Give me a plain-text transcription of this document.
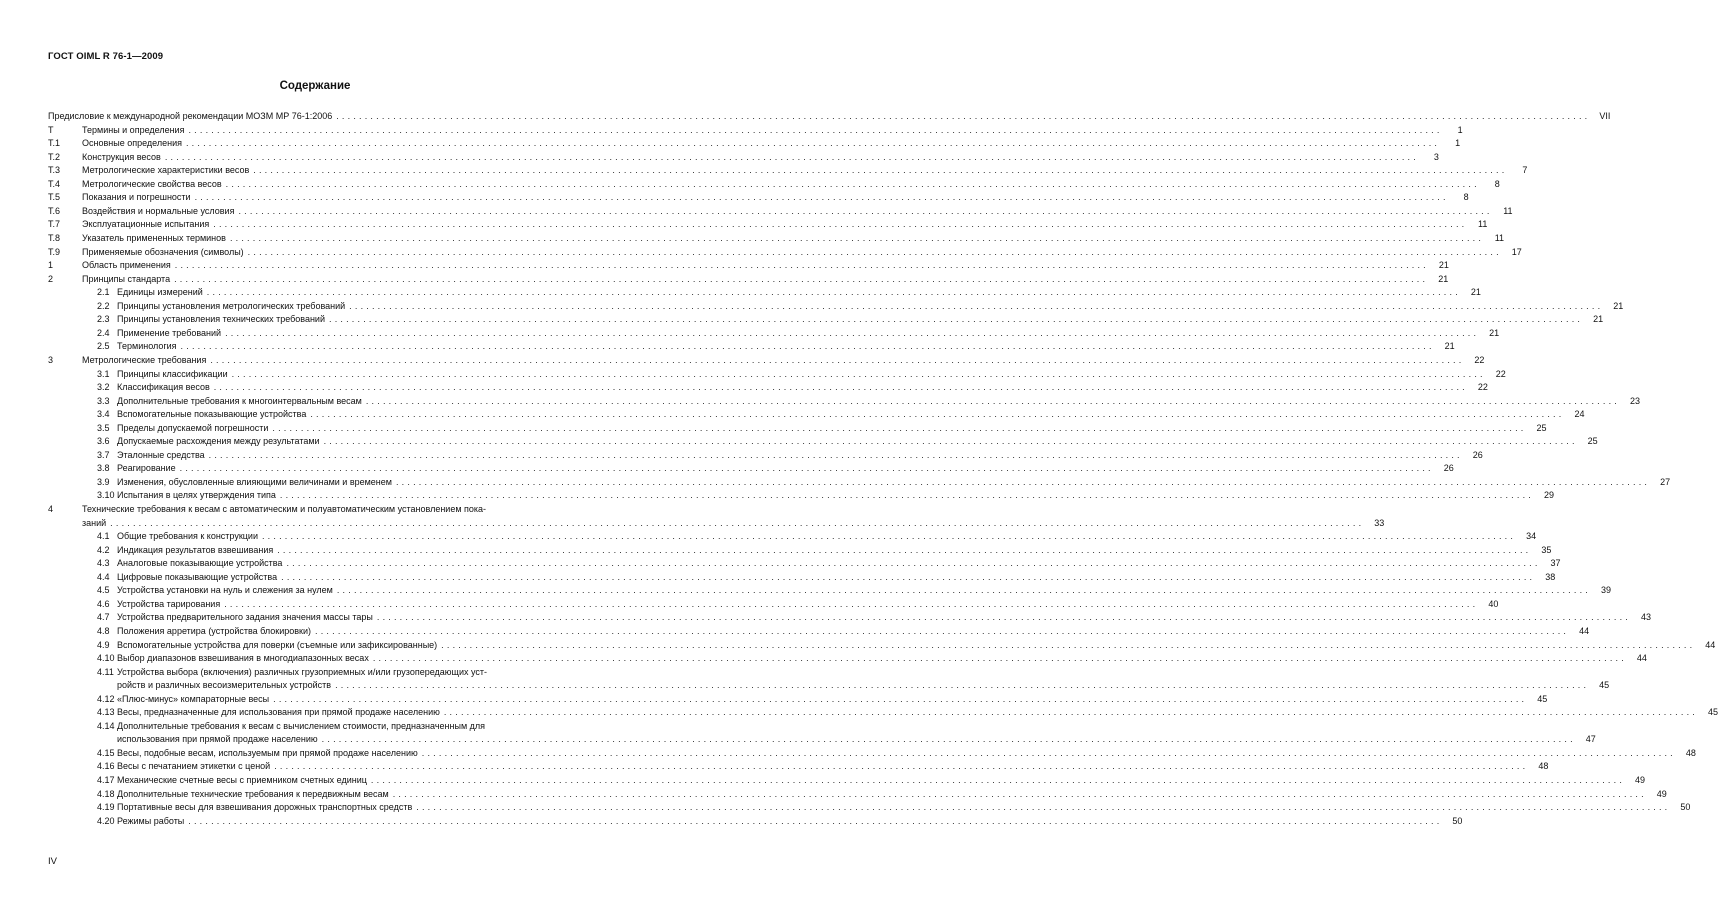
ГОСТ OIML R 76-1—2009
Содержание
Предисловие к международной рекомендации МОЗМ МР 76-1:2006 ............................................................................................................................................................................................................................ VII
T	Термины и определения ............................................................................................................................................................................................................................	1
T.1 Основные определения ............................................................................................................................................................................................................................	1
T.2 Конструкция весов ............................................................................................................................................................................................................................	3
T.3 Метрологические характеристики весов ............................................................................................................................................................................................................................	7
T.4 Метрологические свойства весов ............................................................................................................................................................................................................................	8
T.5 Показания и погрешности ............................................................................................................................................................................................................................	8
T.6 Воздействия и нормальные условия ............................................................................................................................................................................................................................	11
T.7 Эксплуатационные испытания ............................................................................................................................................................................................................................	11
T.8 Указатель примененных терминов ............................................................................................................................................................................................................................	11
T.9 Применяемые обозначения (символы) ............................................................................................................................................................................................................................	17
1	Область применения ............................................................................................................................................................................................................................	21
2	Принципы стандарта ............................................................................................................................................................................................................................	21
2.1 Единицы измерений ............................................................................................................................................................................................................................	21
2.2 Принципы установления метрологических требований ............................................................................................................................................................................................................................	21
2.3 Принципы установления технических требований ............................................................................................................................................................................................................................	21
2.4 Применение требований ............................................................................................................................................................................................................................	21
2.5 Терминология ............................................................................................................................................................................................................................	21
3	Метрологические требования ............................................................................................................................................................................................................................	22
3.1 Принципы классификации ............................................................................................................................................................................................................................	22
3.2 Классификация весов ............................................................................................................................................................................................................................	22
3.3 Дополнительные требования к многоинтервальным весам ............................................................................................................................................................................................................................	23
3.4 Вспомогательные показывающие устройства ............................................................................................................................................................................................................................	24
3.5 Пределы допускаемой погрешности ............................................................................................................................................................................................................................	25
3.6 Допускаемые расхождения между результатами ............................................................................................................................................................................................................................	25
3.7 Эталонные средства ............................................................................................................................................................................................................................	26
3.8 Реагирование ............................................................................................................................................................................................................................	26
3.9 Изменения, обусловленные влияющими величинами и временем ............................................................................................................................................................................................................................	27
3.10 Испытания в целях утверждения типа ............................................................................................................................................................................................................................	29
4	Технические требования к весам с автоматическим и полуавтоматическим установлением пока-
заний ............................................................................................................................................................................................................................	33
4.1 Общие требования к конструкции ............................................................................................................................................................................................................................	34
4.2 Индикация результатов взвешивания ............................................................................................................................................................................................................................	35
4.3 Аналоговые показывающие устройства ............................................................................................................................................................................................................................	37
4.4 Цифровые показывающие устройства ............................................................................................................................................................................................................................	38
4.5 Устройства установки на нуль и слежения за нулем ............................................................................................................................................................................................................................	39
4.6 Устройства тарирования ............................................................................................................................................................................................................................	40
4.7 Устройства предварительного задания значения массы тары ............................................................................................................................................................................................................................	43
4.8 Положения арретира (устройства блокировки) ............................................................................................................................................................................................................................	44
4.9 Вспомогательные устройства для поверки (съемные или зафиксированные) ............................................................................................................................................................................................................................	44
4.10 Выбор диапазонов взвешивания в многодиапазонных весах ............................................................................................................................................................................................................................	44
4.11 Устройства выбора (включения) различных грузоприемных и/или грузопередающих уст-
ройств и различных весоизмерительных устройств ............................................................................................................................................................................................................................	45
4.12 «Плюс-минус» компараторные весы ............................................................................................................................................................................................................................	45
4.13 Весы, предназначенные для использования при прямой продаже населению ............................................................................................................................................................................................................................	45
4.14 Дополнительные требования к весам с вычислением стоимости, предназначенным для
использования при прямой продаже населению ............................................................................................................................................................................................................................	47
4.15 Весы, подобные весам, используемым при прямой продаже населению ............................................................................................................................................................................................................................	48
4.16 Весы с печатанием этикетки с ценой ............................................................................................................................................................................................................................	48
4.17 Механические счетные весы с приемником счетных единиц ............................................................................................................................................................................................................................	49
4.18 Дополнительные технические требования к передвижным весам ............................................................................................................................................................................................................................	49
4.19 Портативные весы для взвешивания дорожных транспортных средств ............................................................................................................................................................................................................................	50
4.20 Режимы работы ............................................................................................................................................................................................................................	50
IV
